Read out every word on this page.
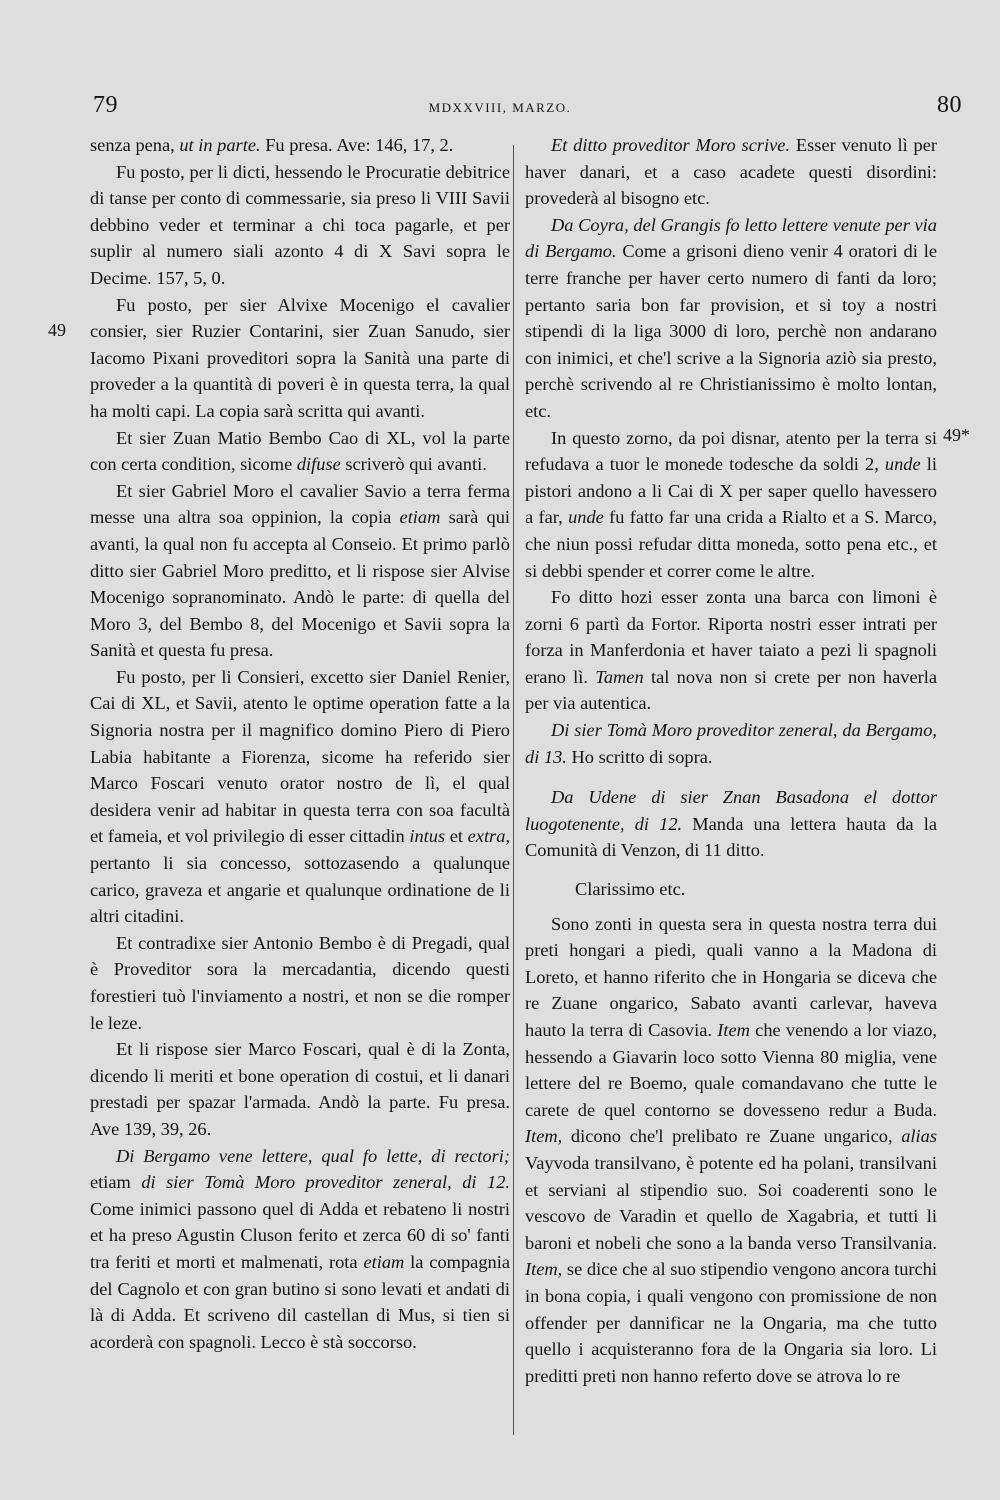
79	MDXXVIII, MARZO.	80
49
49*

senza pena, ut in parte. Fu presa. Ave: 146, 17, 2.

Fu posto, per li dicti, hessendo le Procuratie debitrice di tanse per conto di commessarie, sia preso li VIII Savii debbino veder et terminar a chi toca pagarle, et per suplir al numero siali azonto 4 di X Savi sopra le Decime. 157, 5, 0.

Fu posto, per sier Alvixe Mocenigo el cavalier consier, sier Ruzier Contarini, sier Zuan Sanudo, sier Iacomo Pixani proveditori sopra la Sanità una parte di proveder a la quantità di poveri è in questa terra, la qual ha molti capi. La copia sarà scritta qui avanti.

Et sier Zuan Matio Bembo Cao di XL, vol la parte con certa condition, sicome difuse scriverò qui avanti.

Et sier Gabriel Moro el cavalier Savio a terra ferma messe una altra soa oppinion, la copia etiam sarà qui avanti, la qual non fu accepta al Conseio. Et primo parlò ditto sier Gabriel Moro preditto, et li rispose sier Alvise Mocenigo sopranominato. Andò le parte: di quella del Moro 3, del Bembo 8, del Mocenigo et Savii sopra la Sanità et questa fu presa.

Fu posto, per li Consieri, excetto sier Daniel Renier, Cai di XL, et Savii, atento le optime operation fatte a la Signoria nostra per il magnifico domino Piero di Piero Labia habitante a Fiorenza, sicome ha referido sier Marco Foscari venuto orator nostro de lì, el qual desidera venir ad habitar in questa terra con soa facultà et fameia, et vol privilegio di esser cittadin intus et extra, pertanto li sia concesso, sottozasendo a qualunque carico, graveza et angarie et qualunque ordinatione de li altri citadini.

Et contradixe sier Antonio Bembo è di Pregadi, qual è Proveditor sora la mercadantia, dicendo questi forestieri tuò l'inviamento a nostri, et non se die romper le leze.

Et li rispose sier Marco Foscari, qual è di la Zonta, dicendo li meriti et bone operation di costui, et li danari prestadi per spazar l'armada. Andò la parte. Fu presa. Ave 139, 39, 26.

Di Bergamo vene lettere, qual fo lette, di rectori; etiam di sier Tomà Moro proveditor zeneral, di 12. Come inimici passono quel di Adda et rebateno li nostri et ha preso Agustin Cluson ferito et zerca 60 di so' fanti tra feriti et morti et malmenati, rota etiam la compagnia del Cagnolo et con gran butino si sono levati et andati di là di Adda. Et scriveno dil castellan di Mus, si tien si acorderà con spagnoli. Lecco è stà soccorso.

Et ditto proveditor Moro scrive. Esser venuto lì per haver danari, et a caso acadete questi disordini: provederà al bisogno etc.

Da Coyra, del Grangis fo letto lettere venute per via di Bergamo. Come a grisoni dieno venir 4 oratori di le terre franche per haver certo numero di fanti da loro; pertanto saria bon far provision, et si toy a nostri stipendi di la liga 3000 di loro, perchè non andarano con inimici, et che'l scrive a la Signoria aziò sia presto, perchè scrivendo al re Christianissimo è molto lontan, etc.

In questo zorno, da poi disnar, atento per la terra si refudava a tuor le monede todesche da soldi 2, unde li pistori andono a li Cai di X per saper quello havessero a far, unde fu fatto far una crida a Rialto et a S. Marco, che niun possi refudar ditta moneda, sotto pena etc., et si debbi spender et correr come le altre.

Fo ditto hozi esser zonta una barca con limoni è zorni 6 partì da Fortor. Riporta nostri esser intrati per forza in Manferdonia et haver taiato a pezi li spagnoli erano lì. Tamen tal nova non si crete per non haverla per via autentica.

Di sier Tomà Moro proveditor zeneral, da Bergamo, di 13. Ho scritto di sopra.

Da Udene di sier Znan Basadona el dottor luogotenente, di 12. Manda una lettera hauta da la Comunità di Venzon, di 11 ditto.

Clarissimo etc.

Sono zonti in questa sera in questa nostra terra dui preti hongari a piedi, quali vanno a la Madona di Loreto, et hanno riferito che in Hongaria se diceva che re Zuane ongarico, Sabato avanti carlevar, haveva hauto la terra di Casovia. Item che venendo a lor viazo, hessendo a Giavarin loco sotto Vienna 80 miglia, vene lettere del re Boemo, quale comandavano che tutte le carete de quel contorno se dovesseno redur a Buda. Item, dicono che'l prelibato re Zuane ungarico, alias Vayvoda transilvano, è potente ed ha polani, transilvani et serviani al stipendio suo. Soi coaderenti sono le vescovo de Varadin et quello de Xagabria, et tutti li baroni et nobeli che sono a la banda verso Transilvania. Item, se dice che al suo stipendio vengono ancora turchi in bona copia, i quali vengono con promissione de non offender per dannificar ne la Ongaria, ma che tutto quello i acquisteranno fora de la Ongaria sia loro. Li preditti preti non hanno referto dove se atrova lo re
